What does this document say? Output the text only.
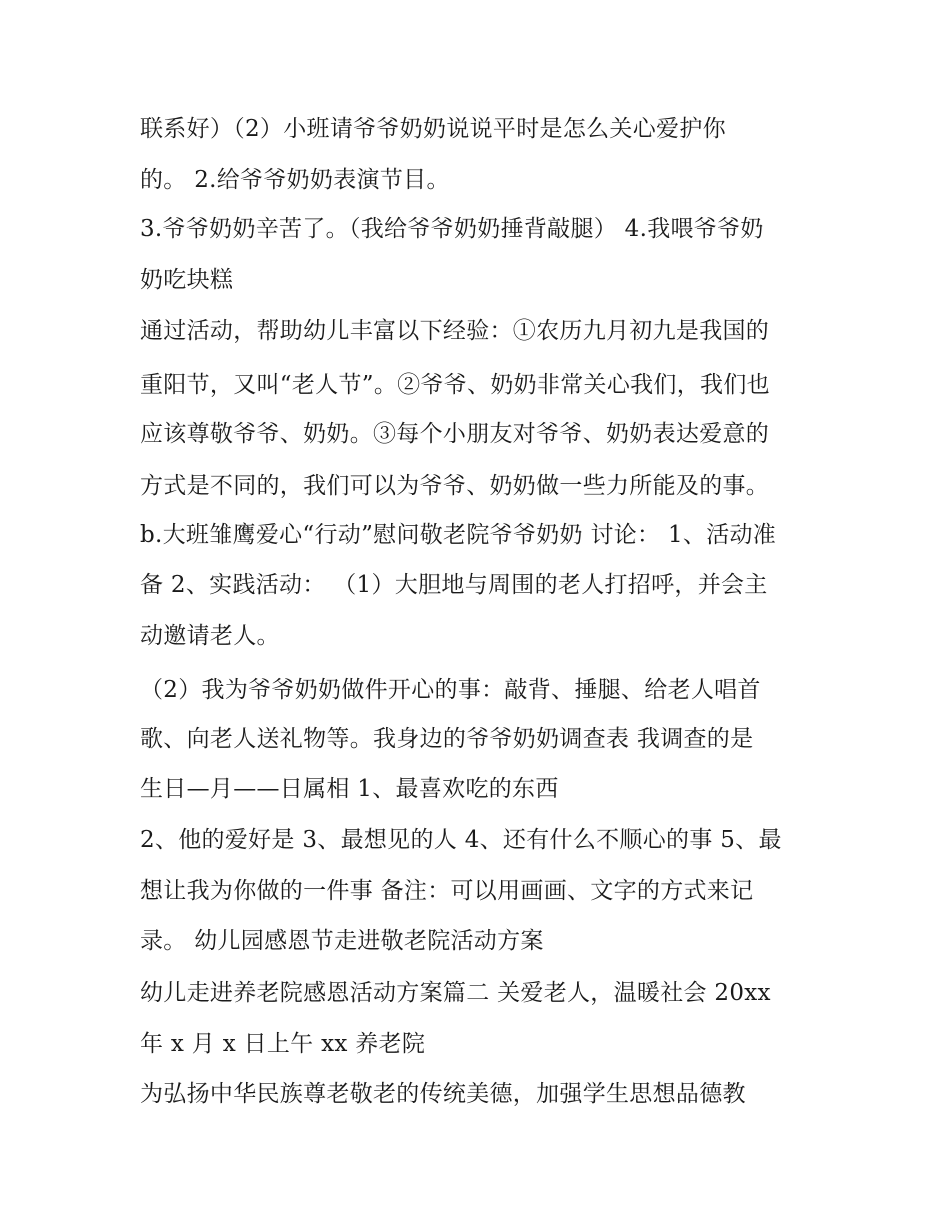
联系好）（2）小班请爷爷奶奶说说平时是怎么关心爱护你
的。 2.给爷爷奶奶表演节目。
3.爷爷奶奶辛苦了。（我给爷爷奶奶捶背敲腿） 4.我喂爷爷奶
奶吃块糕
通过活动，帮助幼儿丰富以下经验：①农历九月初九是我国的
重阳节，又叫“老人节”。②爷爷、奶奶非常关心我们，我们也
应该尊敬爷爷、奶奶。③每个小朋友对爷爷、奶奶表达爱意的
方式是不同的，我们可以为爷爷、奶奶做一些力所能及的事。
b.大班雏鹰爱心“行动”慰问敬老院爷爷奶奶 讨论： 1、活动准
备 2、实践活动： （1）大胆地与周围的老人打招呼，并会主
动邀请老人。
（2）我为爷爷奶奶做件开心的事：敲背、捶腿、给老人唱首
歌、向老人送礼物等。我身边的爷爷奶奶调查表 我调查的是
生日—月——日属相 1、最喜欢吃的东西
2、他的爱好是 3、最想见的人 4、还有什么不顺心的事 5、最
想让我为你做的一件事 备注：可以用画画、文字的方式来记
录。 幼儿园感恩节走进敬老院活动方案
幼儿走进养老院感恩活动方案篇二 关爱老人，温暖社会 20xx
年 x 月 x 日上午 xx 养老院
为弘扬中华民族尊老敬老的传统美德，加强学生思想品德教
